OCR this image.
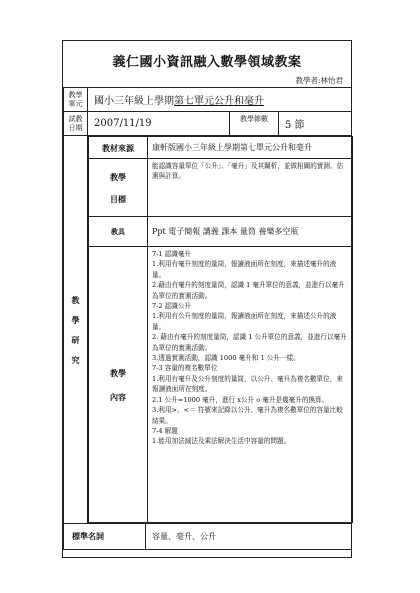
義仁國小資訊融入數學領域教案
教學者:林怡君
教學
單元	國小三年級上學期第七單元公升和毫升

試教
日期	2007/11/19	教學節數	5 節

教
學
研
究

教材來源	康軒版國小三年級上學期第七單元公升和毫升

教學
目標
	能認識容量單位「公升」、「毫升」及其關析，並做相關的實測、估測與計算。
教具	Ppt 電子簡報 講義 課本 量筒 養樂多空瓶

教學
內容

7-1 認識毫升
1.利用有毫升刻度的量筒，報讀液面所在刻度，來描述毫升的液量。
2.藉由有毫升的刻度量筒，認識 1 毫升單位的意義，並進行以毫升為單位的實測活動。
7-2 認識公升
1.利用有公升刻度的量筒，報讀液面所在刻度，來描述公升的液量。
2. 藉由有毫升的刻度量筒，認識 1 公升單位的意義，並進行以毫升為單位的實測活動。
3.透過實測活動，認識 1000 毫升和 1 公升一樣。
7-3 容量的複名數單位
1.利用有毫升及公升刻度的量筒，以公升、毫升為複名數單位，來報讀液面所在刻度。
2.1 公升=1000 毫升，進行 x公升 o 毫升是幾毫升的換算。
3.利用>、<＝ 符號來記錄以公升、毫升為複名數單位的容量比較結果。
7-4 解題
1.能用加法減法及乘法解決生活中容量的問題。

標準名詞	容量、毫升、公升
